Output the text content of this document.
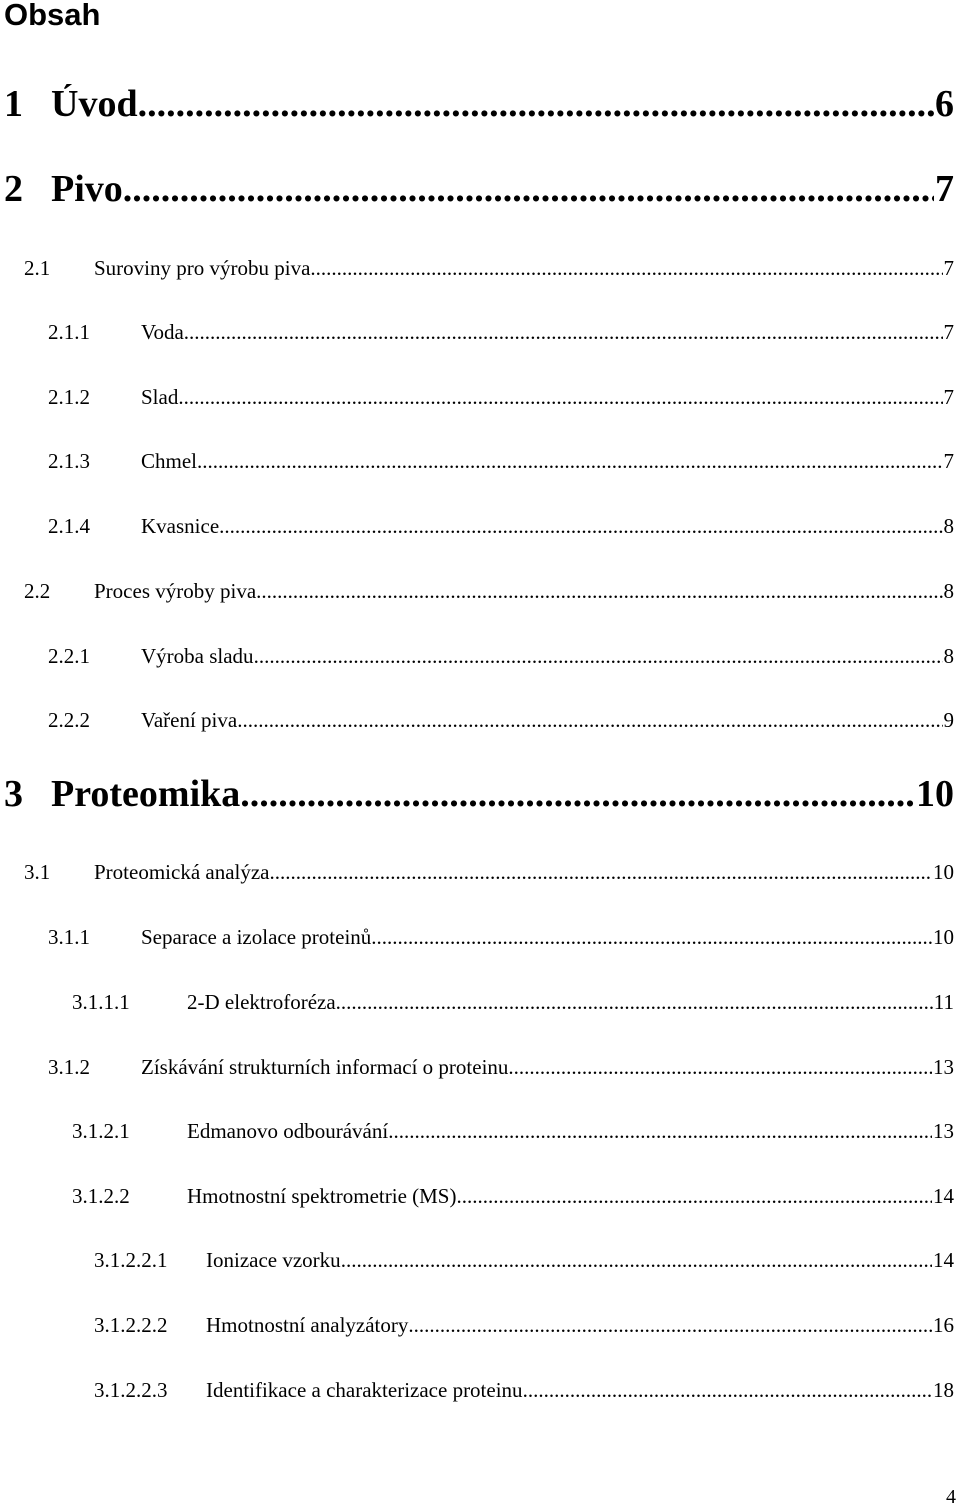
Obsah
1 Úvod .....	6
2 Pivo .....	7
2.1	Suroviny pro výrobu piva .....	7
2.1.1	Voda .....	7
2.1.2	Slad .....	7
2.1.3	Chmel .....	7
2.1.4	Kvasnice .....	8
2.2	Proces výroby piva .....	8
2.2.1	Výroba sladu .....	8
2.2.2	Vaření piva .....	9
3 Proteomika .....	10
3.1	Proteomická analýza .....	10
3.1.1	Separace a izolace proteinů .....	10
3.1.1.1	2-D elektroforéza .....	11
3.1.2	Získávání strukturních informací o proteinu .....	13
3.1.2.1	Edmanovo odbourávání .....	13
3.1.2.2	Hmotnostní spektrometrie (MS) .....	14
3.1.2.2.1	Ionizace vzorku .....	14
3.1.2.2.2	Hmotnostní analyzátory .....	16
3.1.2.2.3	Identifikace a charakterizace proteinu .....	18
4
